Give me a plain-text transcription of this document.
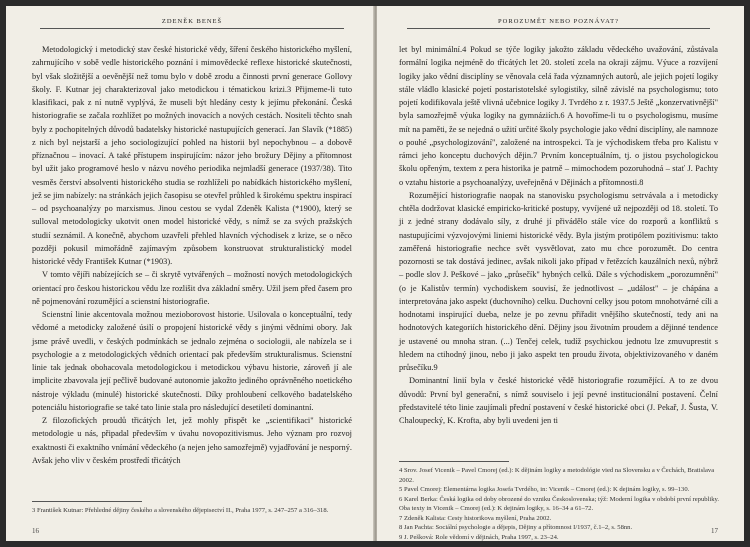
ZDENĚK BENEŠ

Metodologický i metodický stav české historické vědy, šíření českého historického myšlení, zahrnujícího v sobě vedle historického poznání i mimovědecké reflexe historické skutečnosti, byl však složitější a oevěnější než tomu bylo v době zrodu a činnosti první generace Gollovy školy. F. Kutnar jej charakterizoval jako metodickou i tématickou krizi.3 Přijmeme-li tuto klasifikaci, pak z ní nutně vyplývá, že museli být hledány cesty k jejímu překonání. Česká historiografie se začala rozhlížet po možných inovacích a nových cestách. Nositeli těchto snah byly z pochopitelných důvodů badatelsky historické nastupujících generací. Jan Slavík (*1885) z nich byl nejstarší a jeho sociologizující pohled na historii byl nepochybnou – a dobově příznačnou – inovací. A také přístupem inspirujícím: názor jeho brožury Dějiny a přítomnost byl užit jako programové heslo v názvu nového periodika nejmladší generace (1937/38). Tito vesměs čerství absolventi historického studia se rozhlíželi po nabídkách historického myšlení, jež se jim nabízely: na stránkách jejich časopisu se otevřel průhled k širokému spektru inspirací – od psychoanalýzy po marxismus. Jinou cestou se vydal Zdeněk Kalista (*1900), který se sulloval metodologicky ukotvit onen model historické vědy, s nímž se za svých pražských studií seznámil. A konečně, abychom uzavřeli přehled hlavních východisek z krize, se o něco později pokusil mimořádně zajímavým způsobem konstruovat strukturalistický model historické vědy František Kutnar (*1903).

V tomto vějíři nabízejících se – či skrytě vytvářených – možností nových metodologických orientací pro českou historickou vědu lze rozlišit dva základní směry. Užil jsem před časem pro ně pojmenování rozumějící a scienstní historiografie.

Scienstní linie akcentovala možnou mezioborovost historie. Usilovala o konceptuální, tedy vědomé a metodicky založené úsilí o propojení historické vědy s jinými vědními obory. Jak jsme právě uvedli, v českých podmínkách se jednalo zejména o sociologii, ale nabízela se i psychologie a z metodologických vědních orientací pak především strukturalismus. Scienstní linie tak jednak obohacovala metodologickou i metodickou výbavu historie, zároveň jí ale implicite zbavovala její pečlivě budované autonomie jakožto jediného oprávněného noetického nástroje výkladu (minulé) historické skutečnosti. Díky prohloubení celkového badatelského potenciálu historiografie se také tato linie stala pro následující desetiletí dominantní.

Z filozofických proudů třicátých let, jež mohly přispět ke „scientifikaci" historické metodologie u nás, připadal především v úvahu novopozitivismus. Jeho význam pro rozvoj exaktnosti či exaktního vnímání vědeckého (a nejen jeho samozřejmě) vyjadřování je nesporný. Avšak jeho vliv v českém prostředí třicátých

3 František Kutnar: Přehledné dějiny českého a slovenského dějepisectví II., Praha 1977, s. 247–257 a 316–318.
16
POROZUMĚT NEBO POZNÁVAT?

let byl minimální.4 Pokud se týče logiky jakožto základu vědeckého uvažování, zůstávala formální logika nejméně do třicátých let 20. století zcela na okraji zájmu. Výuce a rozvíjení logiky jako vědní disciplíny se věnovala celá řada významných autorů, ale jejich pojetí logiky stále vládlo klasické pojetí postaristotelské sylogistiky, silně závislé na psychologismu; toto pojetí kodifikovala ještě vlivná učebnice logiky J. Tvrdého z r. 1937.5 Ještě „konzervativnější" byla samozřejmě výuka logiky na gymnáziích.6 A hovoříme-li tu o psychologismu, musíme mít na paměti, že se nejedná o užití určité školy psychologie jako vědní disciplíny, ale namnoze o pouhé „psychologizování", založené na introspekci. Ta je východiskem třeba pro Kalistu v rámci jeho konceptu duchových dějin.7 Prvním konceptuálním, tj. o jistou psychologickou školu opřeným, textem z pera historika je patrně – mimochodem pozoruhodná – stať J. Pachty o vztahu historie a psychoanalýzy, uveřejněná v Dějinách a přítomnosti.8

Rozumějící historiografie naopak na stanovisku psychologismu setrvávala a i metodicky chtěla dodržovat klasické empiricko-kritické postupy, vyvíjené už nejpozději od 18. století. To ji z jedné strany dodávalo síly, z druhé jí přivádělo stále více do rozporů a konfliktů s nastupujícími výzvojovými liniemi historické vědy. Byla jistým protipólem pozitivismu: takto zaměřená historiografie nechce svět vysvětlovat, zato mu chce porozumět. Do centra pozornosti se tak dostává jedinec, avšak nikoli jako případ v řetězcích kauzálních nexů, nýbrž – podle slov J. Peškové – jako „průsečík" hybných celků. Dále s východiskem „porozumnění" (o je Kalistův termín) vychodiskem souvisí, že jednotlivost – „událost" – je chápána a interpretována jako aspekt (duchovního) celku. Duchovní celky jsou potom mnohotvárné cíli a hodnotami inspirující dueba, nelze je po zevnu přiřadit vnějšího skutečností, tedy ani na hodnotových kategoriích historického dění. Dějiny jsou životním proudem a dějinné tendence je ustavené ou mnoha stran. (...) Tenčej celek, tudíž psychickou jednotu lze zmuvuprestit s hledem na ctihodný jinou, nebo ji jako aspekt ten proudu života, objektivizovaného v daném průsečíku.9

Dominantní linií byla v české historické vědě historiografie rozumějící. A to ze dvou důvodů: První byl generační, s nímž souviselo i její pevné institucionální postavení. Čelní představitelé této linie zaujímali přední postavení v české historické obci (J. Pekař, J. Šusta, V. Chaloupecký, K. Krofta, aby byli uvedeni jen ti

4 Srov. Josef Vicenik – Pavel Cmorej (ed.): K dějinám logiky a metodológie vied na Slovensku a v Čechách, Bratislava 2002.
5 Pavel Cmorej: Elementárna logika Josefa Tvrdého, in: Vicenik – Cmorej (ed.): K dejinám logiky, s. 99–130.
6 Karel Berka: Česká logika od doby obrozené do vzniku Československa; týž: Moderní logika v období první republiky. Oba texty in Vicenik – Cmorej (ed.): K dejinám logiky, s. 16–34 a 61–72.
7 Zdeněk Kalista: Cesty historikova myšlení, Praha 2002.
8 Jan Pachta: Sociální psychologie a dějepis, Dějiny a přítomnost I/1937, č.1–2, s. 58nn.
9 J. Pešková: Role vědomí v dějinách, Praha 1997, s. 23–24.
17
